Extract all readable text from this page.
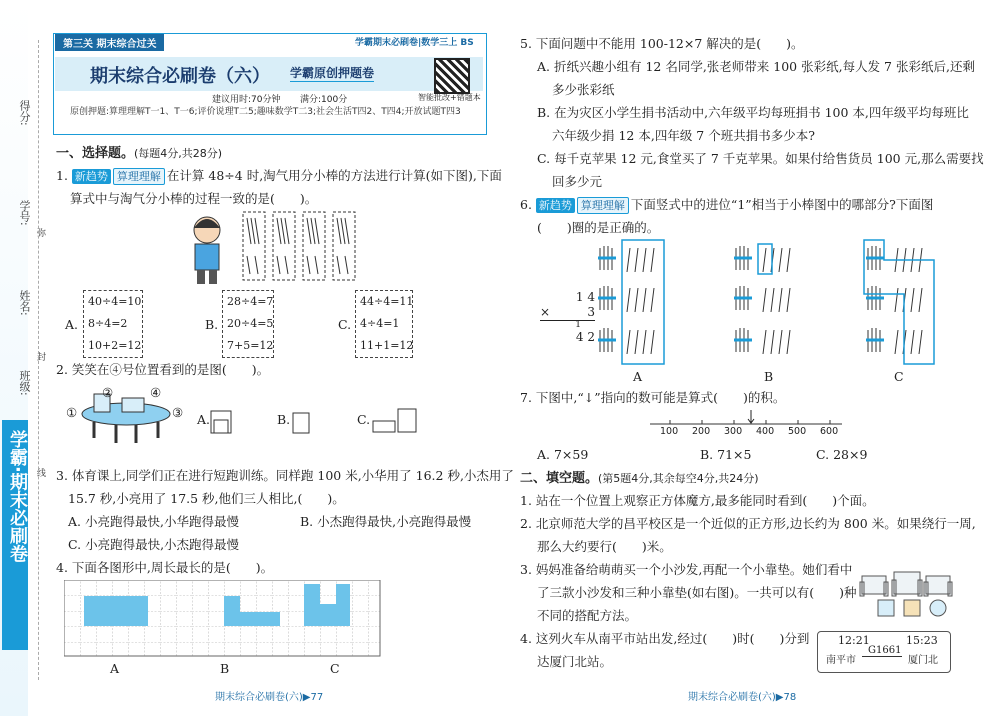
学霸·期末必刷卷
得分:
学号:
姓名:
班级:
弥
封
线
第三关 期末综合过关	学霸期末必刷卷|数学三上 BS
期末综合必刷卷（六） 学霸原创押题卷
建议用时:70分钟 满分:100分	智能批改+错题本
原创押题:算理理解T一1、T一6;评价说理T二5;趣味数学T二3;社会生活T四2、T四4;开放试题T四3
一、选择题。(每题4分,共28分)
1. 新趋势 算理理解 在计算 48÷4 时,淘气用分小棒的方法进行计算(如下图),下面
算式中与淘气分小棒的过程一致的是(　　)。
A.
40÷4=10
8÷4=2
10+2=12
B.
28÷4=7
20÷4=5
7+5=12
C.
44÷4=11
4÷4=1
11+1=12
2. 笑笑在④号位置看到的是图(　　)。
①
②
③
④
A.	B.	C.
3. 体育课上,同学们正在进行短跑训练。同样跑 100 米,小华用了 16.2 秒,小杰用了
15.7 秒,小亮用了 17.5 秒,他们三人相比,(　　)。
A. 小亮跑得最快,小华跑得最慢	B. 小杰跑得最快,小亮跑得最慢
C. 小亮跑得最快,小杰跑得最慢
4. 下面各图形中,周长最长的是(　　)。
A	B	C
期末综合必刷卷(六)▶77
5. 下面问题中不能用 100-12×7 解决的是(　　)。
A. 折纸兴趣小组有 12 名同学,张老师带来 100 张彩纸,每人发 7 张彩纸后,还剩
多少张彩纸
B. 在为灾区小学生捐书活动中,六年级平均每班捐书 100 本,四年级平均每班比
六年级少捐 12 本,四年级 7 个班共捐书多少本?
C. 每千克苹果 12 元,食堂买了 7 千克苹果。如果付给售货员 100 元,那么需要找
回多少元
6. 新趋势 算理理解 下面竖式中的进位“1”相当于小棒图中的哪部分?下面图
(　　)圈的是正确的。
1 4
×	3
1
4 2
A	B	C
7. 下图中,“↓”指向的数可能是算式(　　)的积。
100 200 300 400 500 600
A. 7×59	B. 71×5	C. 28×9
二、填空题。(第5题4分,其余每空4分,共24分)
1. 站在一个位置上观察正方体魔方,最多能同时看到(　　)个面。
2. 北京师范大学的昌平校区是一个近似的正方形,边长约为 800 米。如果绕行一周,
那么大约要行(　　)米。
3. 妈妈准备给萌萌买一个小沙发,再配一个小靠垫。她们看中
了三款小沙发和三种小靠垫(如右图)。一共可以有(　　)种
不同的搭配方法。
4. 这列火车从南平市站出发,经过(　　)时(　　)分到
达厦门北站。
12:21	15:23
G1661
南平市	厦门北
期末综合必刷卷(六)▶78
